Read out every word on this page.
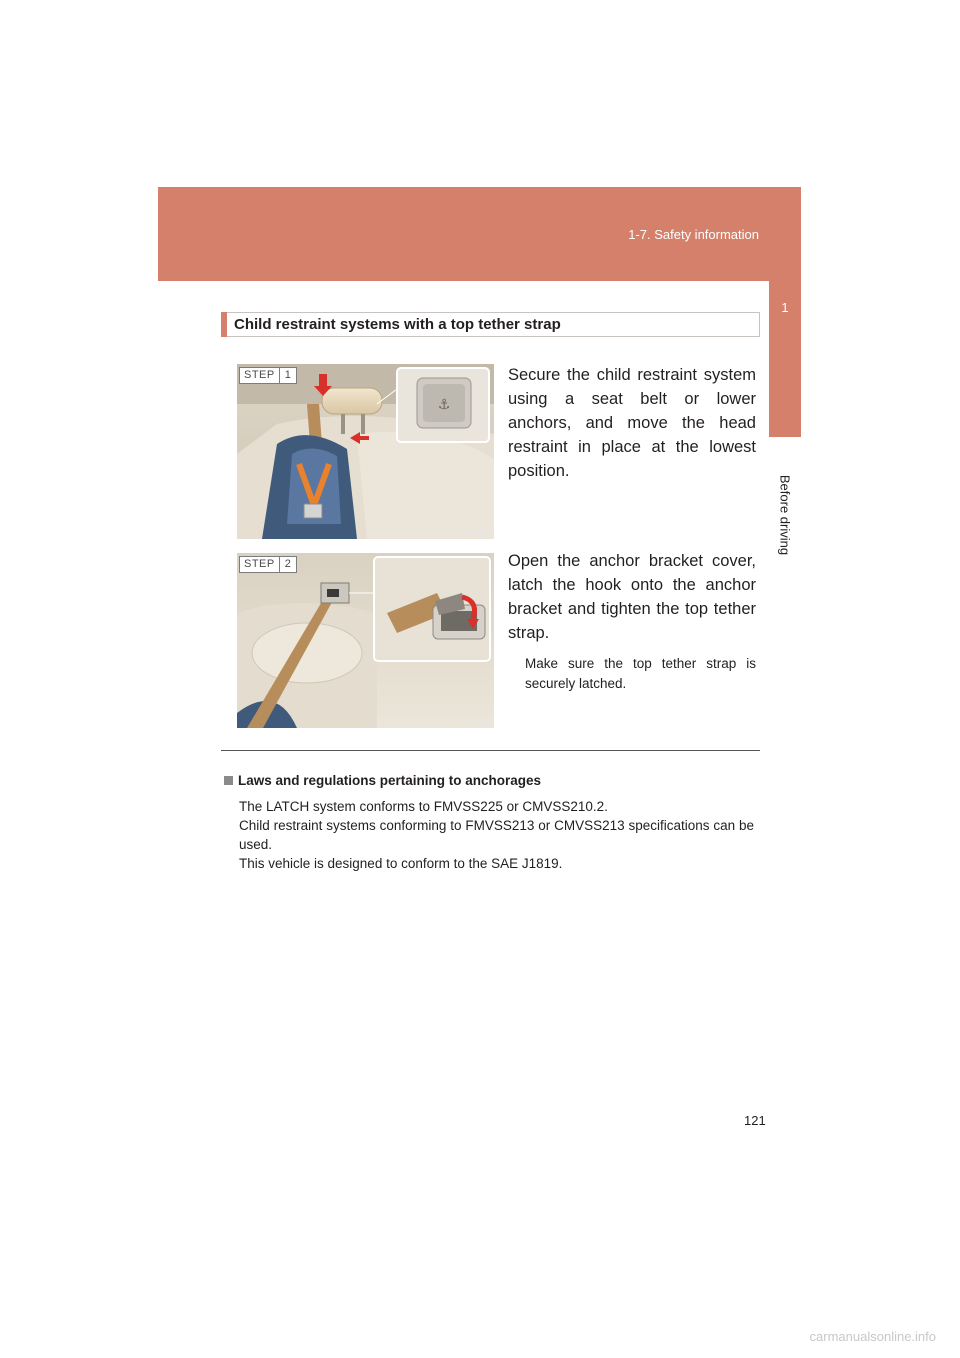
1-7. Safety information
1
Before driving
Child restraint systems with a top tether strap
⚓
STEP 1
ILY17S121
Secure the child restraint system using a seat belt or lower anchors, and move the head restraint in place at the lowest position.
STEP 2
ILY17A018
Open the anchor bracket cover, latch the hook onto the anchor bracket and tighten the top tether strap.
Make sure the top tether strap is securely latched.
Laws and regulations pertaining to anchorages
The LATCH system conforms to FMVSS225 or CMVSS210.2.
Child restraint systems conforming to FMVSS213 or CMVSS213 specifications can be used.
This vehicle is designed to conform to the SAE J1819.
121
carmanualsonline.info
